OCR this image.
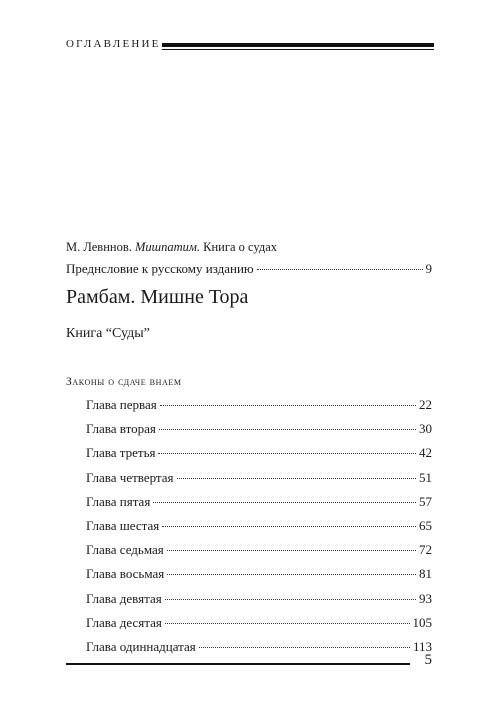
ОГЛАВЛЕНИЕ
М. Левннов. Мишпатим. Книга о судах
Преднсловие к русскому изданию	9
Рамбам. Мишне Тора
Книга “Суды”
Законы о сдаче внаем
Глава первая	22
Глава вторая	30
Глава третья	42
Глава четвертая	51
Глава пятая	57
Глава шестая	65
Глава седьмая	72
Глава восьмая	81
Глава девятая	93
Глава десятая	105
Глава одиннадцатая	113
5
